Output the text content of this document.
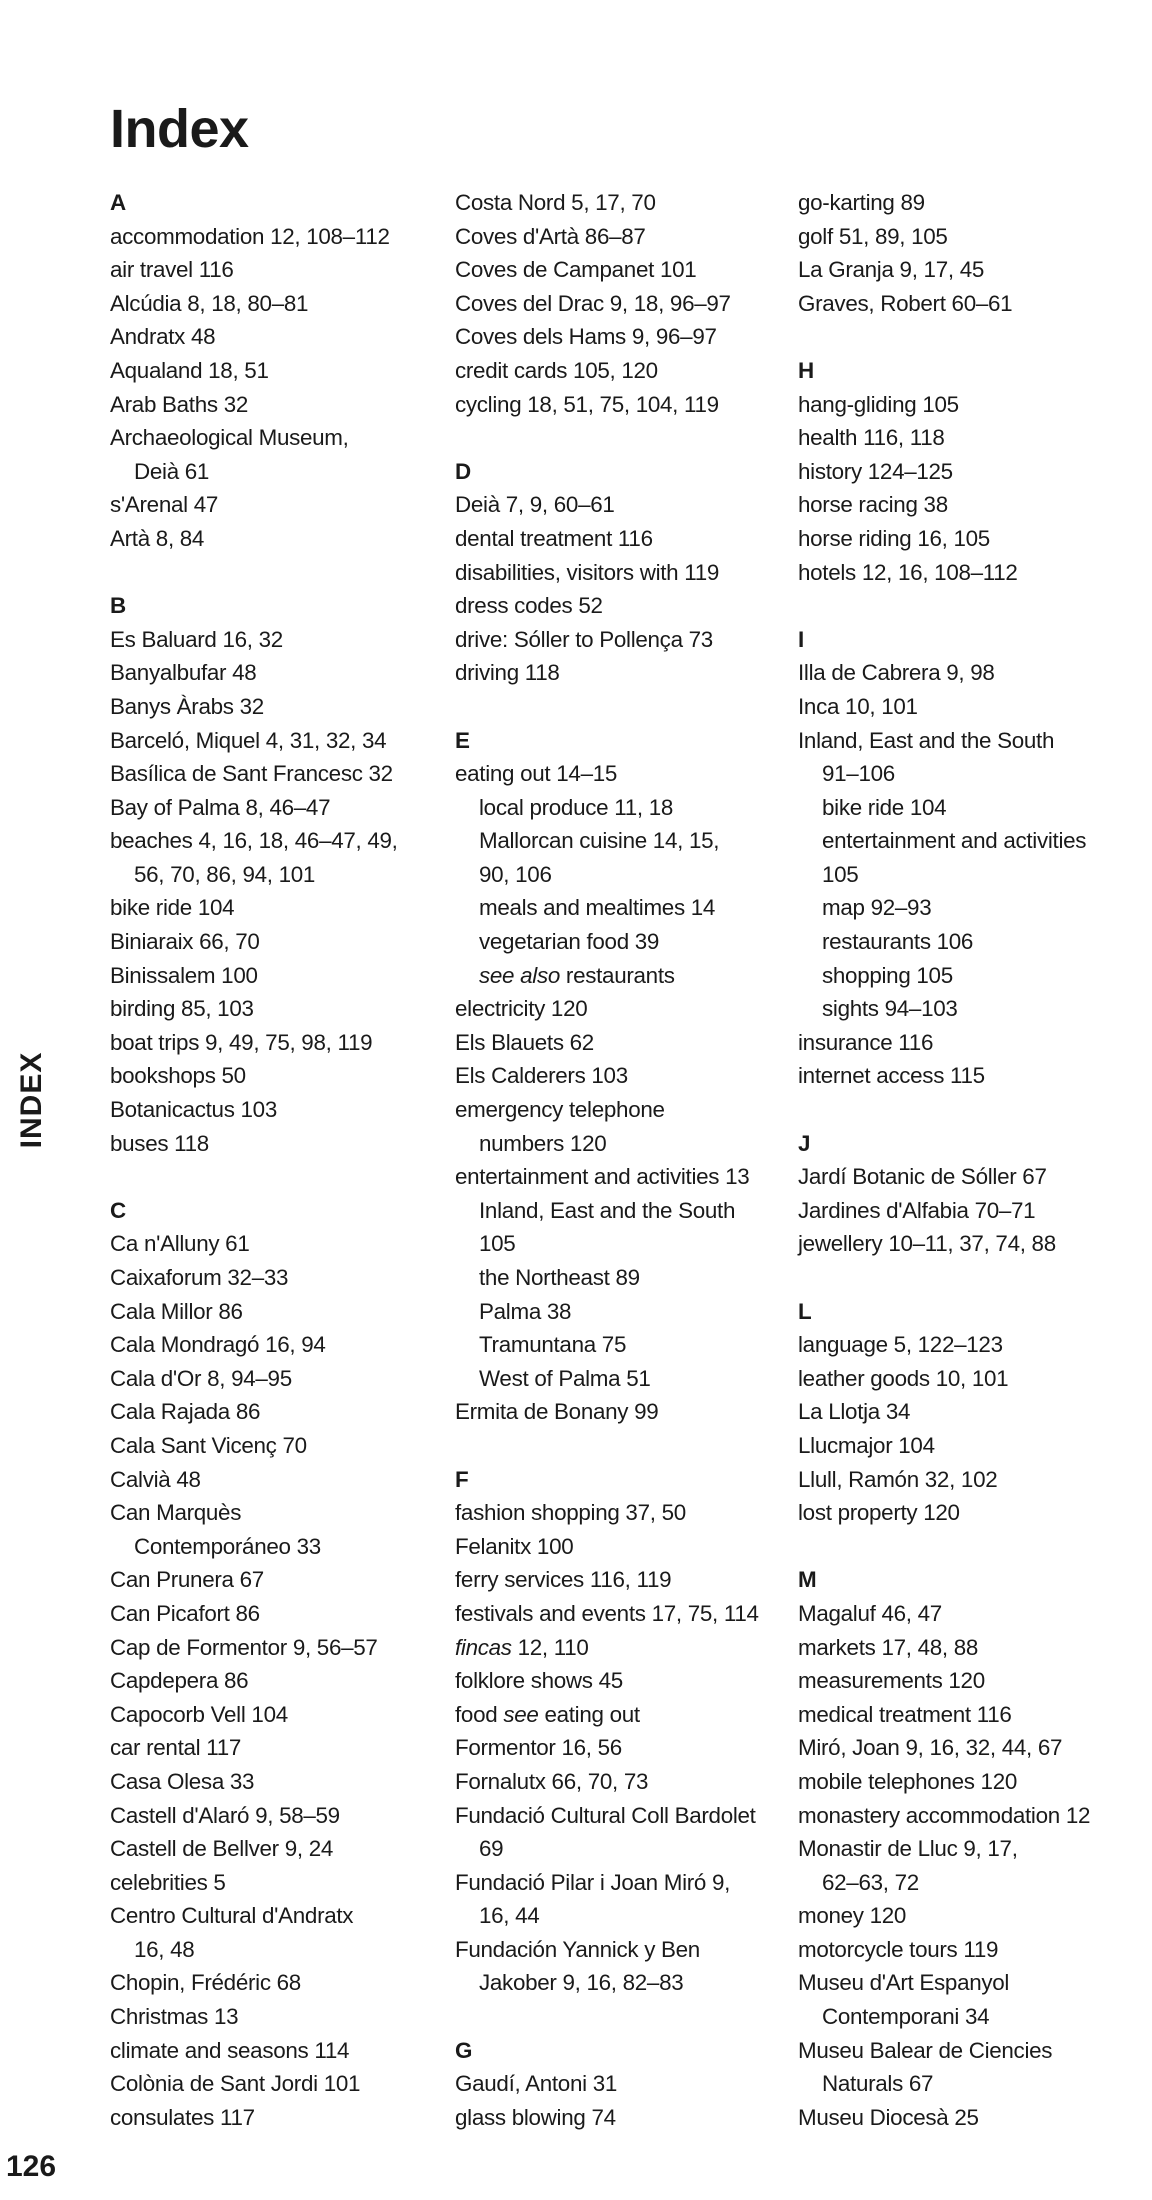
Index
INDEX
A
accommodation 12, 108–112
air travel 116
Alcúdia 8, 18, 80–81
Andratx 48
Aqualand 18, 51
Arab Baths 32
Archaeological Museum,
Deià 61
s'Arenal 47
Artà 8, 84
B
Es Baluard 16, 32
Banyalbufar 48
Banys Àrabs 32
Barceló, Miquel 4, 31, 32, 34
Basílica de Sant Francesc 32
Bay of Palma 8, 46–47
beaches 4, 16, 18, 46–47, 49,
56, 70, 86, 94, 101
bike ride 104
Biniaraix 66, 70
Binissalem 100
birding 85, 103
boat trips 9, 49, 75, 98, 119
bookshops 50
Botanicactus 103
buses 118
C
Ca n'Alluny 61
Caixaforum 32–33
Cala Millor 86
Cala Mondragó 16, 94
Cala d'Or 8, 94–95
Cala Rajada 86
Cala Sant Vicenç 70
Calvià 48
Can Marquès
Contemporáneo 33
Can Prunera 67
Can Picafort 86
Cap de Formentor 9, 56–57
Capdepera 86
Capocorb Vell 104
car rental 117
Casa Olesa 33
Castell d'Alaró 9, 58–59
Castell de Bellver 9, 24
celebrities 5
Centro Cultural d'Andratx
16, 48
Chopin, Frédéric 68
Christmas 13
climate and seasons 114
Colònia de Sant Jordi 101
consulates 117
Costa Nord 5, 17, 70
Coves d'Artà 86–87
Coves de Campanet 101
Coves del Drac 9, 18, 96–97
Coves dels Hams 9, 96–97
credit cards 105, 120
cycling 18, 51, 75, 104, 119
D
Deià 7, 9, 60–61
dental treatment 116
disabilities, visitors with 119
dress codes 52
drive: Sóller to Pollença 73
driving 118
E
eating out 14–15
local produce 11, 18
Mallorcan cuisine 14, 15,
90, 106
meals and mealtimes 14
vegetarian food 39
see also restaurants
electricity 120
Els Blauets 62
Els Calderers 103
emergency telephone
numbers 120
entertainment and activities 13
Inland, East and the South
105
the Northeast 89
Palma 38
Tramuntana 75
West of Palma 51
Ermita de Bonany 99
F
fashion shopping 37, 50
Felanitx 100
ferry services 116, 119
festivals and events 17, 75, 114
fincas 12, 110
folklore shows 45
food see eating out
Formentor 16, 56
Fornalutx 66, 70, 73
Fundació Cultural Coll Bardolet
69
Fundació Pilar i Joan Miró 9,
16, 44
Fundación Yannick y Ben
Jakober 9, 16, 82–83
G
Gaudí, Antoni 31
glass blowing 74
go-karting 89
golf 51, 89, 105
La Granja 9, 17, 45
Graves, Robert 60–61
H
hang-gliding 105
health 116, 118
history 124–125
horse racing 38
horse riding 16, 105
hotels 12, 16, 108–112
I
Illa de Cabrera 9, 98
Inca 10, 101
Inland, East and the South
91–106
bike ride 104
entertainment and activities
105
map 92–93
restaurants 106
shopping 105
sights 94–103
insurance 116
internet access 115
J
Jardí Botanic de Sóller 67
Jardines d'Alfabia 70–71
jewellery 10–11, 37, 74, 88
L
language 5, 122–123
leather goods 10, 101
La Llotja 34
Llucmajor 104
Llull, Ramón 32, 102
lost property 120
M
Magaluf 46, 47
markets 17, 48, 88
measurements 120
medical treatment 116
Miró, Joan 9, 16, 32, 44, 67
mobile telephones 120
monastery accommodation 12
Monastir de Lluc 9, 17,
62–63, 72
money 120
motorcycle tours 119
Museu d'Art Espanyol
Contemporani 34
Museu Balear de Ciencies
Naturals 67
Museu Diocesà 25
126
